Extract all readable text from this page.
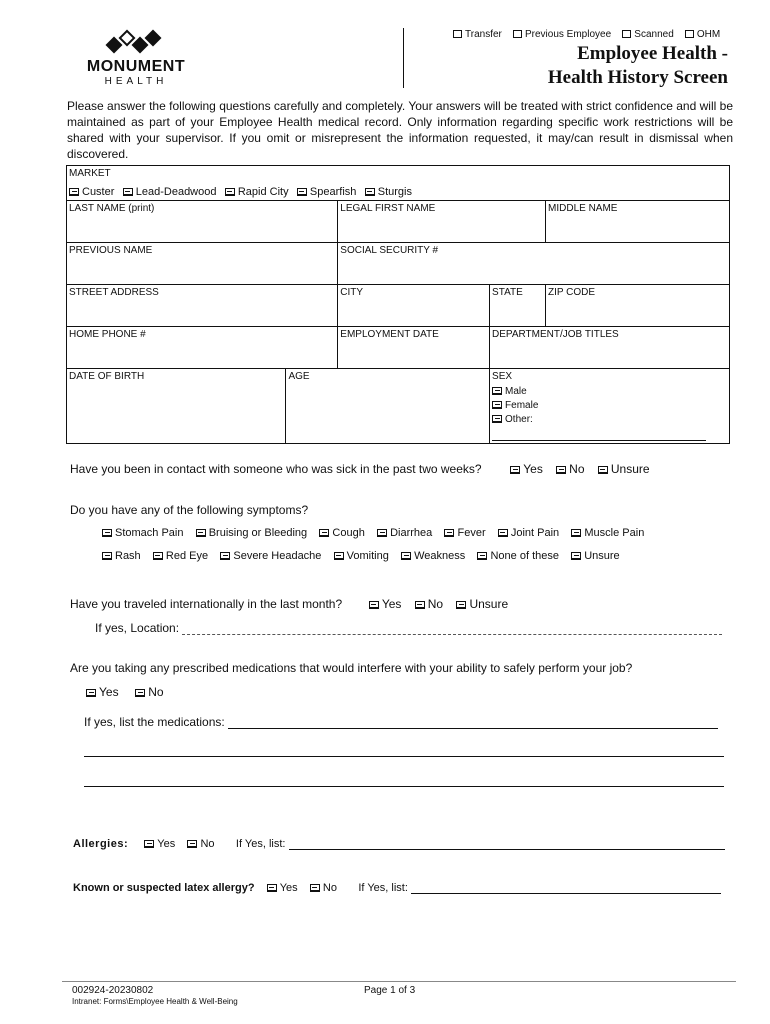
MONUMENT
HEALTH
Transfer Previous Employee Scanned OHM
Employee Health -
Health History Screen
Please answer the following questions carefully and completely. Your answers will be treated with strict confidence and will be maintained as part of your Employee Health medical record. Only information regarding specific work restrictions will be shared with your supervisor. If you omit or misrepresent the information requested, it may/can result in dismissal when discovered.
MARKET
Custer Lead-Deadwood Rapid City Spearfish Sturgis				

LAST NAME (print)		LEGAL FIRST NAME		MIDDLE NAME
PREVIOUS NAME		SOCIAL SECURITY #		
STREET ADDRESS		CITY	STATE	ZIP CODE
HOME PHONE #		EMPLOYMENT DATE	DEPARTMENT/JOB TITLES	
DATE OF BIRTH	AGE		SEX
Male
Female
Other:	
Have you been in contact with someone who was sick in the past two weeks?	Yes No Unsure
Do you have any of the following symptoms?
Stomach Pain Bruising or Bleeding Cough Diarrhea Fever Joint Pain Muscle Pain
Rash Red Eye Severe Headache Vomiting Weakness None of these Unsure
Have you traveled internationally in the last month?	Yes No Unsure
If yes, Location:
Are you taking any prescribed medications that would interfere with your ability to safely perform your job?
Yes No
If yes, list the medications:
Allergies:	Yes No If Yes, list:
Known or suspected latex allergy? Yes No If Yes, list:
002924-20230802
Intranet: Forms\Employee Health & Well-Being
Page 1 of 3
